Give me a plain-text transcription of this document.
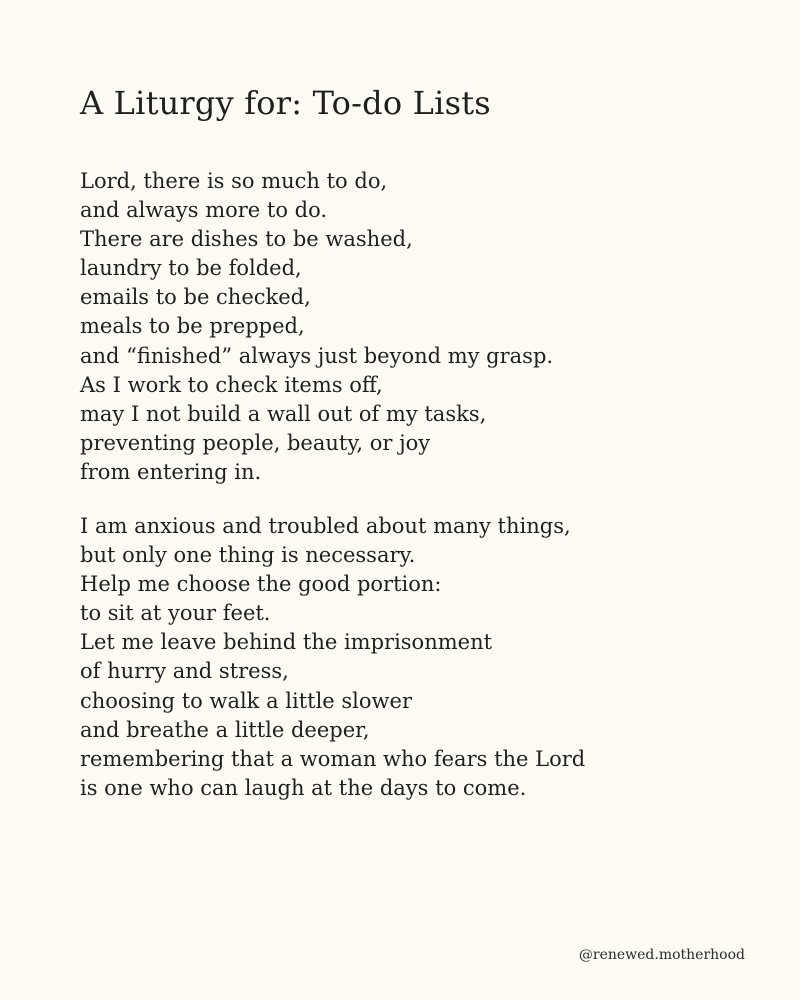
A Liturgy for: To-do Lists

Lord, there is so much to do,
and always more to do.
There are dishes to be washed,
laundry to be folded,
emails to be checked,
meals to be prepped,
and “finished” always just beyond my grasp.
As I work to check items off,
may I not build a wall out of my tasks,
preventing people, beauty, or joy
from entering in.

I am anxious and troubled about many things,
but only one thing is necessary.
Help me choose the good portion:
to sit at your feet.
Let me leave behind the imprisonment
of hurry and stress,
choosing to walk a little slower
and breathe a little deeper,
remembering that a woman who fears the Lord
is one who can laugh at the days to come.

@renewed.motherhood
